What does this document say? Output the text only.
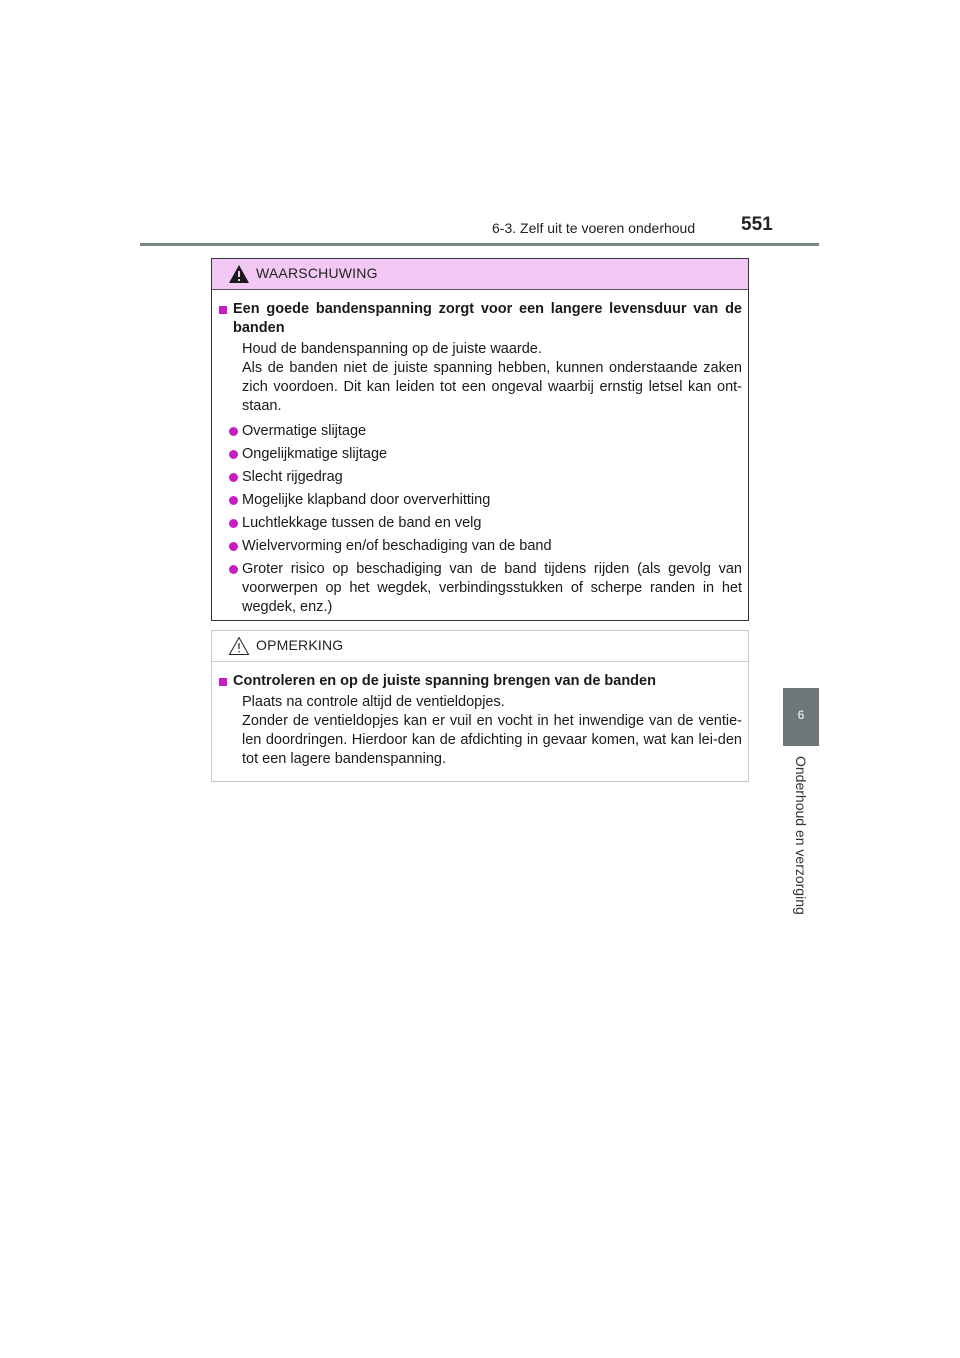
6-3. Zelf uit te voeren onderhoud 551
6
Onderhoud en verzorging
WAARSCHUWING
Een goede bandenspanning zorgt voor een langere levensduur van de banden
Houd de bandenspanning op de juiste waarde.
Als de banden niet de juiste spanning hebben, kunnen onderstaande zaken zich voordoen. Dit kan leiden tot een ongeval waarbij ernstig letsel kan ont-staan.
Overmatige slijtage
Ongelijkmatige slijtage
Slecht rijgedrag
Mogelijke klapband door oververhitting
Luchtlekkage tussen de band en velg
Wielvervorming en/of beschadiging van de band
Groter risico op beschadiging van de band tijdens rijden (als gevolg van voorwerpen op het wegdek, verbindingsstukken of scherpe randen in het wegdek, enz.)
OPMERKING
Controleren en op de juiste spanning brengen van de banden
Plaats na controle altijd de ventieldopjes.
Zonder de ventieldopjes kan er vuil en vocht in het inwendige van de ventie-len doordringen. Hierdoor kan de afdichting in gevaar komen, wat kan lei-den tot een lagere bandenspanning.
